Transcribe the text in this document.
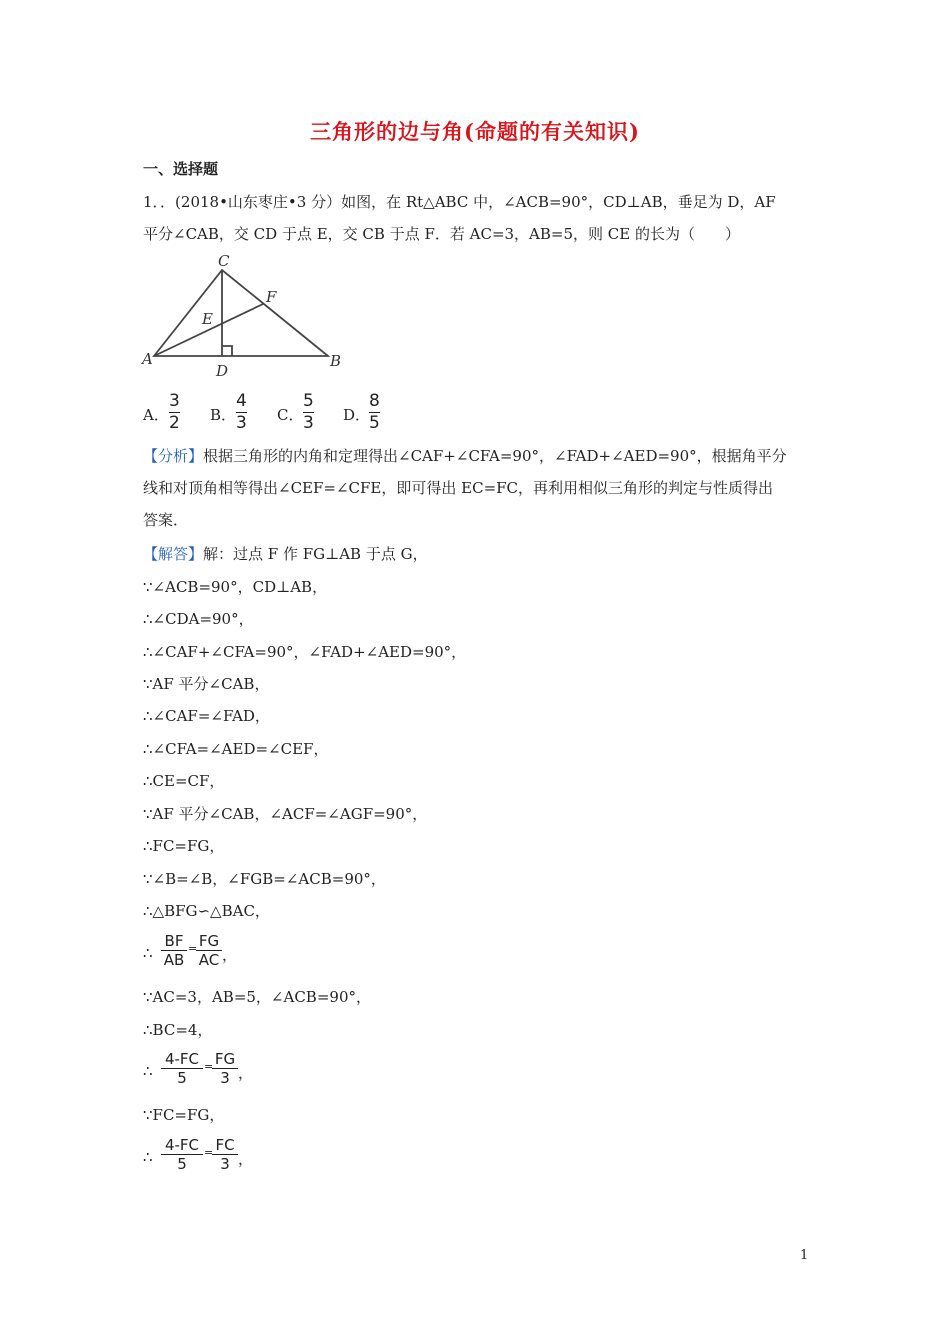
三角形的边与角(命题的有关知识)
一、选择题
1．．(2018•山东枣庄•3 分）如图，在 Rt△ABC 中，∠ACB=90°，CD⊥AB，垂足为 D，AF
平分∠CAB，交 CD 于点 E，交 CB 于点 F．若 AC=3，AB=5，则 CE 的长为（　　）
C
A	B
D
E
F
A．
3
2 B．
4
3 C．
5
3 D．
8
5
【分析】根据三角形的内角和定理得出∠CAF+∠CFA=90°，∠FAD+∠AED=90°，根据角平分
线和对顶角相等得出∠CEF=∠CFE，即可得出 EC=FC，再利用相似三角形的判定与性质得出
答案．
【解答】解：过点 F 作 FG⊥AB 于点 G，
∵∠ACB=90°，CD⊥AB，
∴∠CDA=90°，
∴∠CAF+∠CFA=90°，∠FAD+∠AED=90°，
∵AF 平分∠CAB，
∴∠CAF=∠FAD，
∴∠CFA=∠AED=∠CEF，
∴CE=CF，
∵AF 平分∠CAB，∠ACF=∠AGF=90°，
∴FC=FG，
∵∠B=∠B，∠FGB=∠ACB=90°，
∴△BFG∽△BAC，
∴
BF
AB
= FG
AC ，
∵AC=3，AB=5，∠ACB=90°，
∴BC=4，
∴
4-FC
5
= FG
3 ，
∵FC=FG，
∴
4-FC
5
= FC
3 ，
1
